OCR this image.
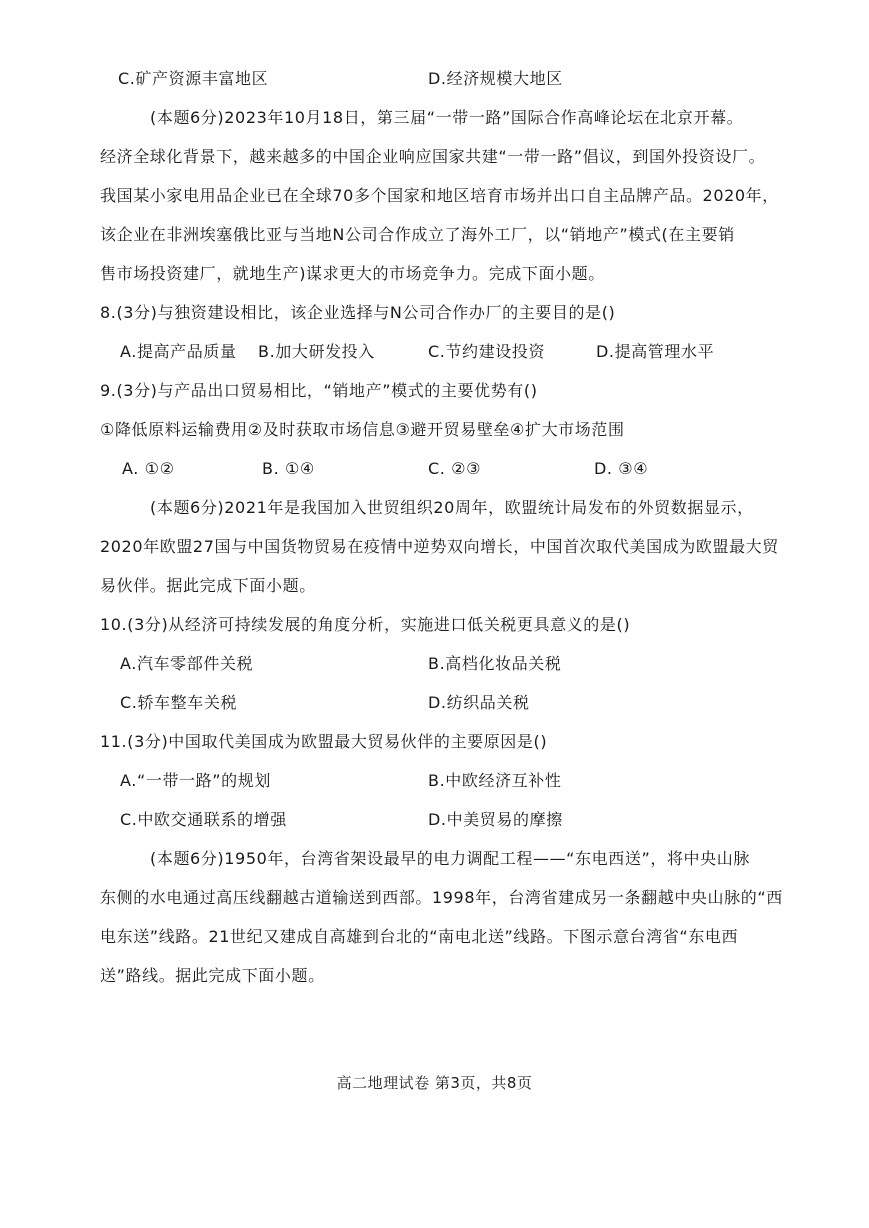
C.矿产资源丰富地区	D.经济规模大地区
(本题6分)2023年10月18日，第三届“一带一路”国际合作高峰论坛在北京开幕。
经济全球化背景下，越来越多的中国企业响应国家共建“一带一路”倡议，到国外投资设厂。
我国某小家电用品企业已在全球70多个国家和地区培育市场并出口自主品牌产品。2020年，
该企业在非洲埃塞俄比亚与当地N公司合作成立了海外工厂，以“销地产”模式(在主要销
售市场投资建厂，就地生产)谋求更大的市场竞争力。完成下面小题。
8.(3分)与独资建设相比，该企业选择与N公司合作办厂的主要目的是()
A.提高产品质量 B.加大研发投入	C.节约建设投资	D.提高管理水平
9.(3分)与产品出口贸易相比，“销地产”模式的主要优势有()
①降低原料运输费用②及时获取市场信息③避开贸易壁垒④扩大市场范围
A. ①②	B. ①④	C. ②③	D. ③④
(本题6分)2021年是我国加入世贸组织20周年，欧盟统计局发布的外贸数据显示，
2020年欧盟27国与中国货物贸易在疫情中逆势双向增长，中国首次取代美国成为欧盟最大贸
易伙伴。据此完成下面小题。
10.(3分)从经济可持续发展的角度分析，实施进口低关税更具意义的是()
A.汽车零部件关税	B.高档化妆品关税
C.轿车整车关税	D.纺织品关税
11.(3分)中国取代美国成为欧盟最大贸易伙伴的主要原因是()
A.“一带一路”的规划	B.中欧经济互补性
C.中欧交通联系的增强	D.中美贸易的摩擦
(本题6分)1950年，台湾省架设最早的电力调配工程——“东电西送”，将中央山脉
东侧的水电通过高压线翻越古道输送到西部。1998年，台湾省建成另一条翻越中央山脉的“西
电东送”线路。21世纪又建成自高雄到台北的“南电北送”线路。下图示意台湾省“东电西
送”路线。据此完成下面小题。
高二地理试卷 第3页，共8页
